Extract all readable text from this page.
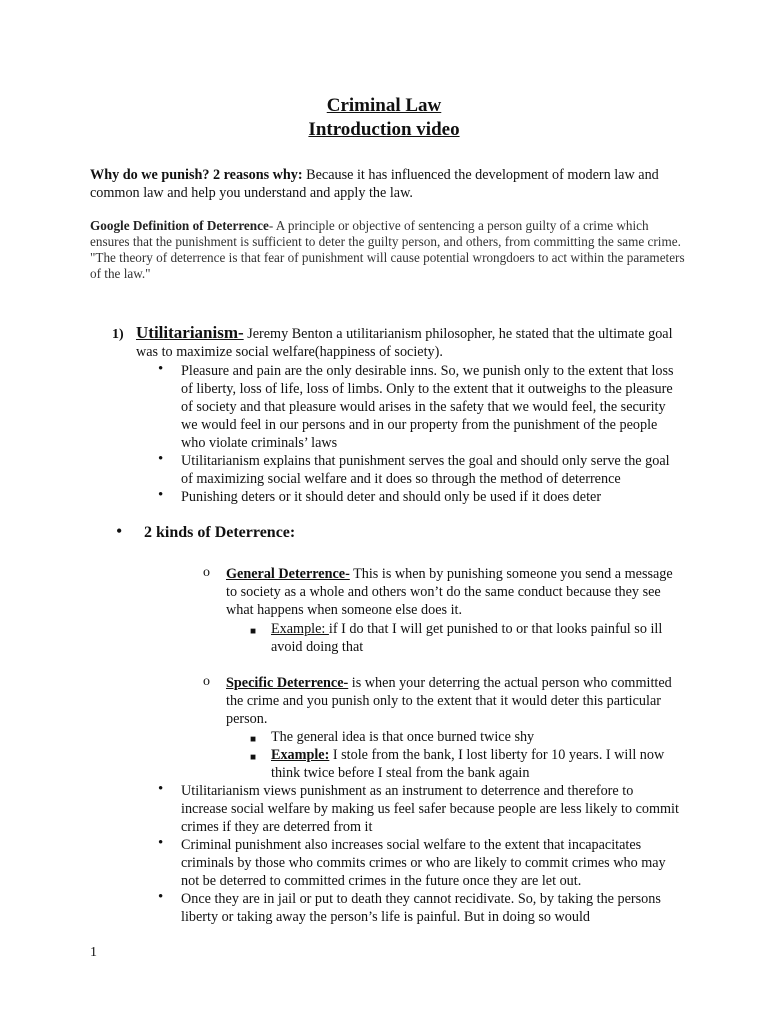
Criminal Law
Introduction video
Why do we punish? 2 reasons why: Because it has influenced the development of modern law and common law and help you understand and apply the law.
Google Definition of Deterrence- A principle or objective of sentencing a person guilty of a crime which ensures that the punishment is sufficient to deter the guilty person, and others, from committing the same crime. "The theory of deterrence is that fear of punishment will cause potential wrongdoers to act within the parameters of the law."
1) Utilitarianism- Jeremy Benton a utilitarianism philosopher, he stated that the ultimate goal was to maximize social welfare(happiness of society).
• Pleasure and pain are the only desirable inns. So, we punish only to the extent that loss of liberty, loss of life, loss of limbs. Only to the extent that it outweighs to the pleasure of society and that pleasure would arises in the safety that we would feel, the security we would feel in our persons and in our property from the punishment of the people who violate criminals’ laws
• Utilitarianism explains that punishment serves the goal and should only serve the goal of maximizing social welfare and it does so through the method of deterrence
• Punishing deters or it should deter and should only be used if it does deter
• 2 kinds of Deterrence:
o General Deterrence- This is when by punishing someone you send a message to society as a whole and others won’t do the same conduct because they see what happens when someone else does it.
■ Example: if I do that I will get punished to or that looks painful so ill avoid doing that
o Specific Deterrence- is when your deterring the actual person who committed the crime and you punish only to the extent that it would deter this particular person.
■ The general idea is that once burned twice shy
■ Example: I stole from the bank, I lost liberty for 10 years. I will now think twice before I steal from the bank again
• Utilitarianism views punishment as an instrument to deterrence and therefore to increase social welfare by making us feel safer because people are less likely to commit crimes if they are deterred from it
• Criminal punishment also increases social welfare to the extent that incapacitates criminals by those who commits crimes or who are likely to commit crimes who may not be deterred to committed crimes in the future once they are let out.
• Once they are in jail or put to death they cannot recidivate. So, by taking the persons liberty or taking away the person’s life is painful. But in doing so would
1
